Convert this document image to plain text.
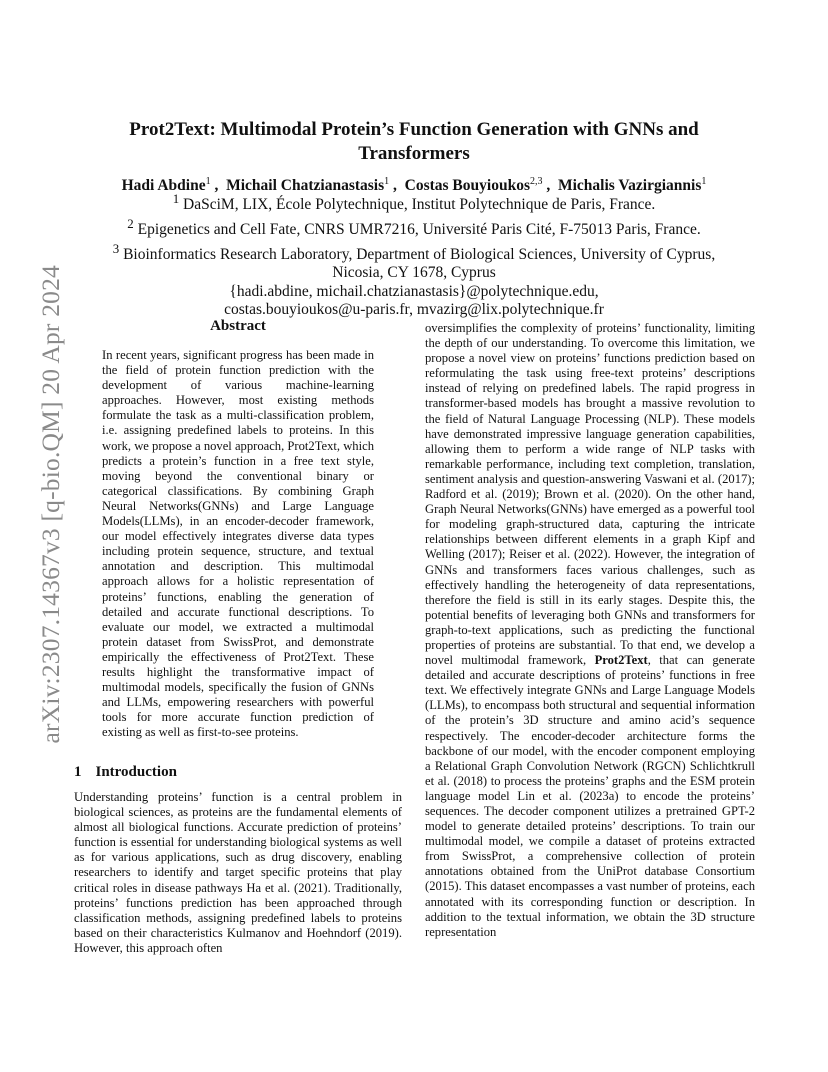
arXiv:2307.14367v3 [q-bio.QM] 20 Apr 2024
Prot2Text: Multimodal Protein’s Function Generation with GNNs and
Transformers
Hadi Abdine$^1$ ,  Michail Chatzianastasis$^1$ ,  Costas Bouyioukos$^{2,3}$ ,  Michalis Vazirgiannis$^1$
$^1$ DaSciM, LIX, École Polytechnique, Institut Polytechnique de Paris, France.
$^2$ Epigenetics and Cell Fate, CNRS UMR7216, Université Paris Cité, F-75013 Paris, France.
$^3$ Bioinformatics Research Laboratory, Department of Biological Sciences, University of Cyprus,
Nicosia, CY 1678, Cyprus
{hadi.abdine, michail.chatzianastasis}@polytechnique.edu,
costas.bouyioukos@u-paris.fr, mvazirg@lix.polytechnique.fr
Abstract

In recent years, significant progress has been made in the field of protein function prediction with the development of various machine-learning approaches. However, most existing methods formulate the task as a multi-classification problem, i.e. assigning predefined labels to proteins. In this work, we propose a novel approach, Prot2Text, which predicts a protein’s function in a free text style, moving beyond the conventional binary or categorical classifications. By combining Graph Neural Networks(GNNs) and Large Language Models(LLMs), in an encoder-decoder framework, our model effectively integrates diverse data types including protein sequence, structure, and textual annotation and description. This multimodal approach allows for a holistic representation of proteins’ functions, enabling the generation of detailed and accurate functional descriptions. To evaluate our model, we extracted a multimodal protein dataset from SwissProt, and demonstrate empirically the effectiveness of Prot2Text. These results highlight the transformative impact of multimodal models, specifically the fusion of GNNs and LLMs, empowering researchers with powerful tools for more accurate function prediction of existing as well as first-to-see proteins.

1 Introduction

Understanding proteins’ function is a central problem in biological sciences, as proteins are the fundamental elements of almost all biological functions. Accurate prediction of proteins’ function is essential for understanding biological systems as well as for various applications, such as drug discovery, enabling researchers to identify and target specific proteins that play critical roles in disease pathways Ha et al. (2021). Traditionally, proteins’ functions prediction has been approached through classification methods, assigning predefined labels to proteins based on their characteristics Kulmanov and Hoehndorf (2019). However, this approach often

oversimplifies the complexity of proteins’ functionality, limiting the depth of our understanding. To overcome this limitation, we propose a novel view on proteins’ functions prediction based on reformulating the task using free-text proteins’ descriptions instead of relying on predefined labels. The rapid progress in transformer-based models has brought a massive revolution to the field of Natural Language Processing (NLP). These models have demonstrated impressive language generation capabilities, allowing them to perform a wide range of NLP tasks with remarkable performance, including text completion, translation, sentiment analysis and question-answering Vaswani et al. (2017); Radford et al. (2019); Brown et al. (2020). On the other hand, Graph Neural Networks(GNNs) have emerged as a powerful tool for modeling graph-structured data, capturing the intricate relationships between different elements in a graph Kipf and Welling (2017); Reiser et al. (2022). However, the integration of GNNs and transformers faces various challenges, such as effectively handling the heterogeneity of data representations, therefore the field is still in its early stages. Despite this, the potential benefits of leveraging both GNNs and transformers for graph-to-text applications, such as predicting the functional properties of proteins are substantial. To that end, we develop a novel multimodal framework, Prot2Text, that can generate detailed and accurate descriptions of proteins’ functions in free text. We effectively integrate GNNs and Large Language Models (LLMs), to encompass both structural and sequential information of the protein’s 3D structure and amino acid’s sequence respectively. The encoder-decoder architecture forms the backbone of our model, with the encoder component employing a Relational Graph Convolution Network (RGCN) Schlichtkrull et al. (2018) to process the proteins’ graphs and the ESM protein language model Lin et al. (2023a) to encode the proteins’ sequences. The decoder component utilizes a pretrained GPT-2 model to generate detailed proteins’ descriptions. To train our multimodal model, we compile a dataset of proteins extracted from SwissProt, a comprehensive collection of protein annotations obtained from the UniProt database Consortium (2015). This dataset encompasses a vast number of proteins, each annotated with its corresponding function or description. In addition to the textual information, we obtain the 3D structure representation
